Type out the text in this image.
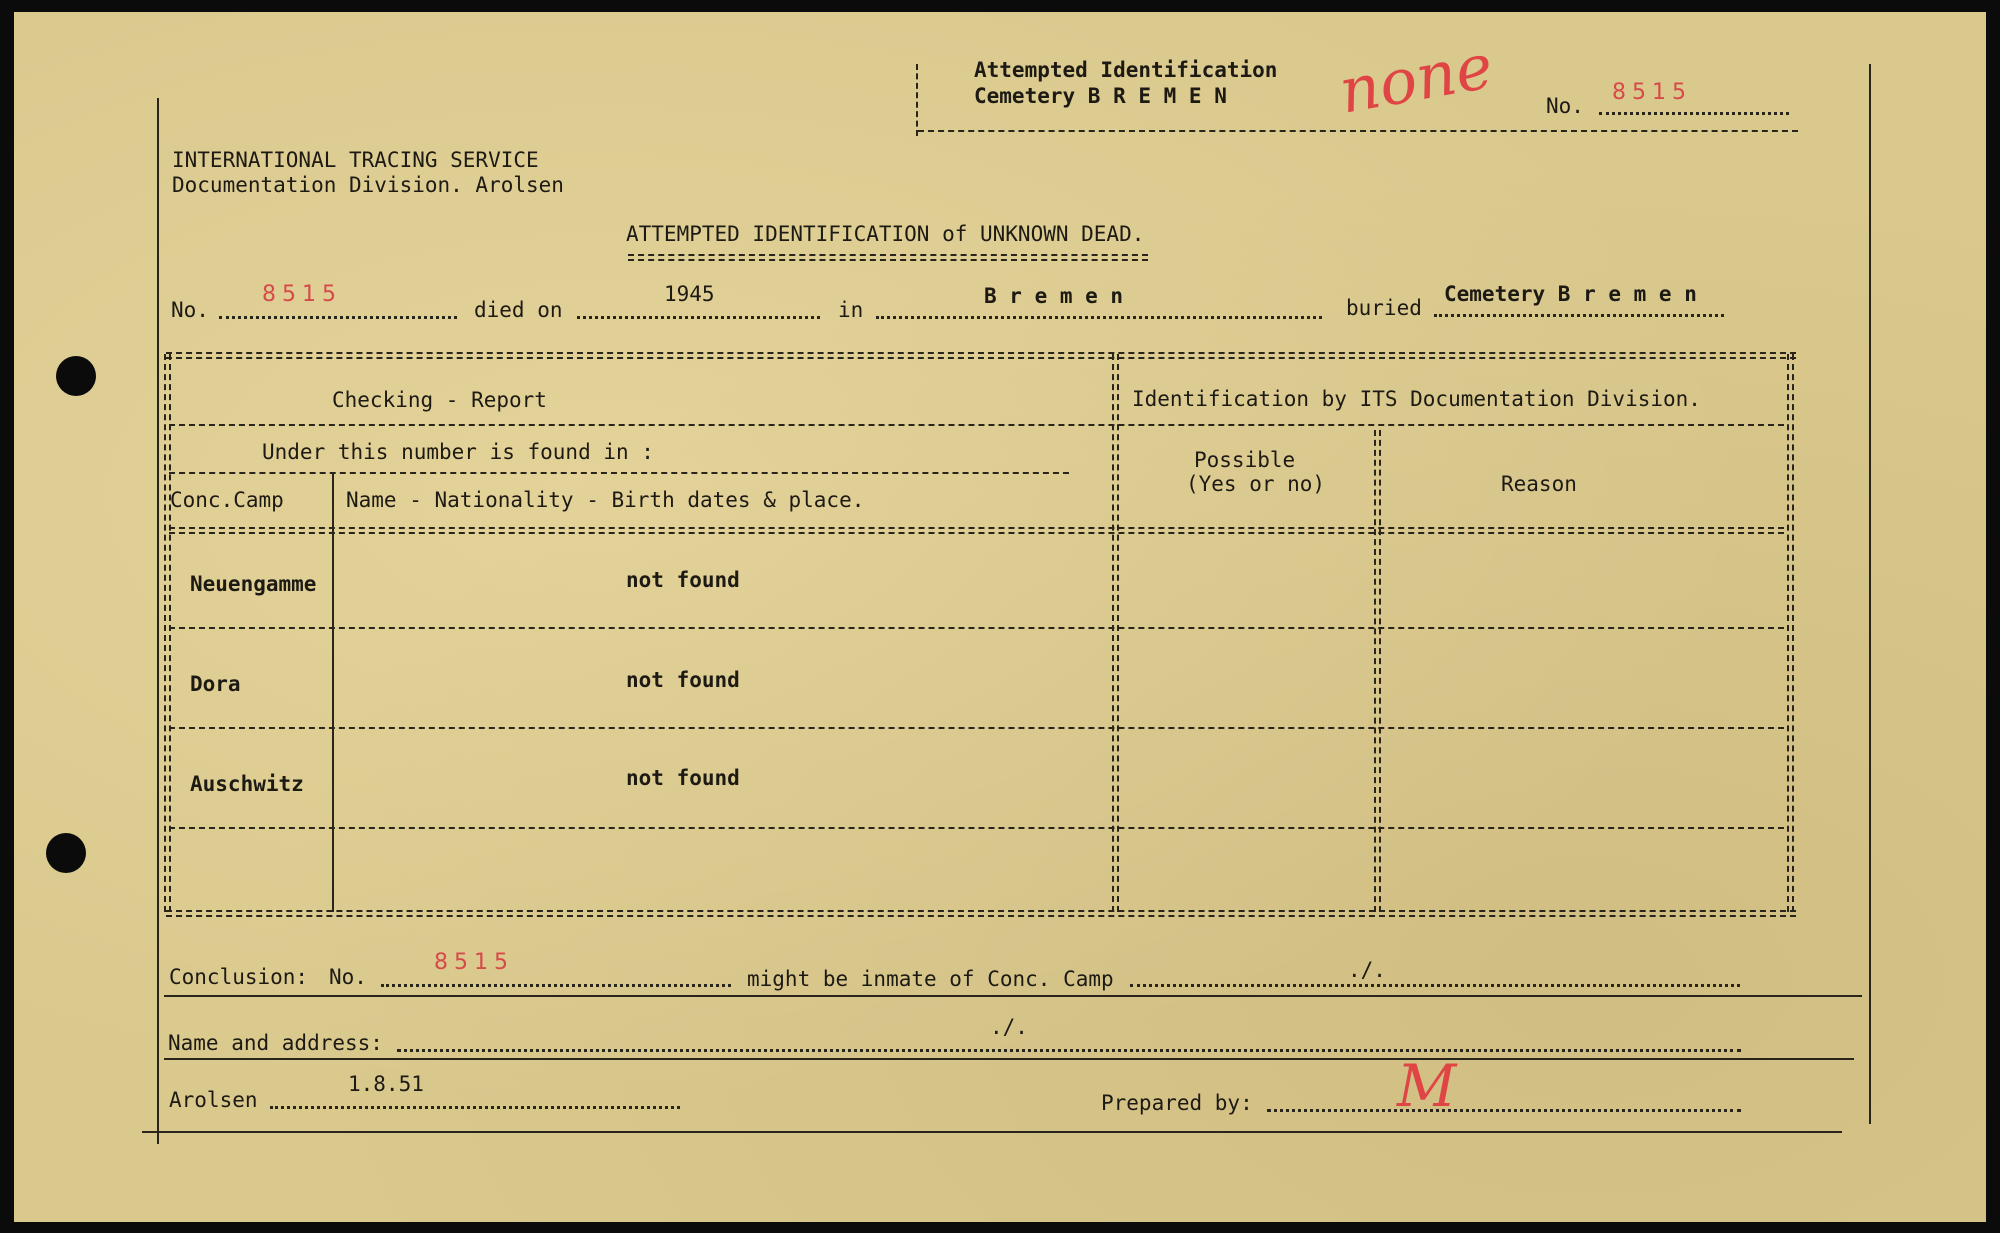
Attempted Identification
Cemetery B R E M E N none No.
8515
INTERNATIONAL TRACING SERVICE
Documentation Division. Arolsen
ATTEMPTED IDENTIFICATION of UNKNOWN DEAD.
No.
8515
died on
1945
in
B r e m e n	buried
Cemetery B r e m e n
Checking - Report	Identification by ITS Documentation Division.
Under this number is found in :
Conc.Camp	Name - Nationality - Birth dates & place.
Possible
(Yes or no)	Reason
Neuengamme	not found
Dora	not found
Auschwitz	not found
Conclusion: No.
8515
might be inmate of Conc. Camp	./.
Name and address:
./.
Arolsen
1.8.51
Prepared by: M
